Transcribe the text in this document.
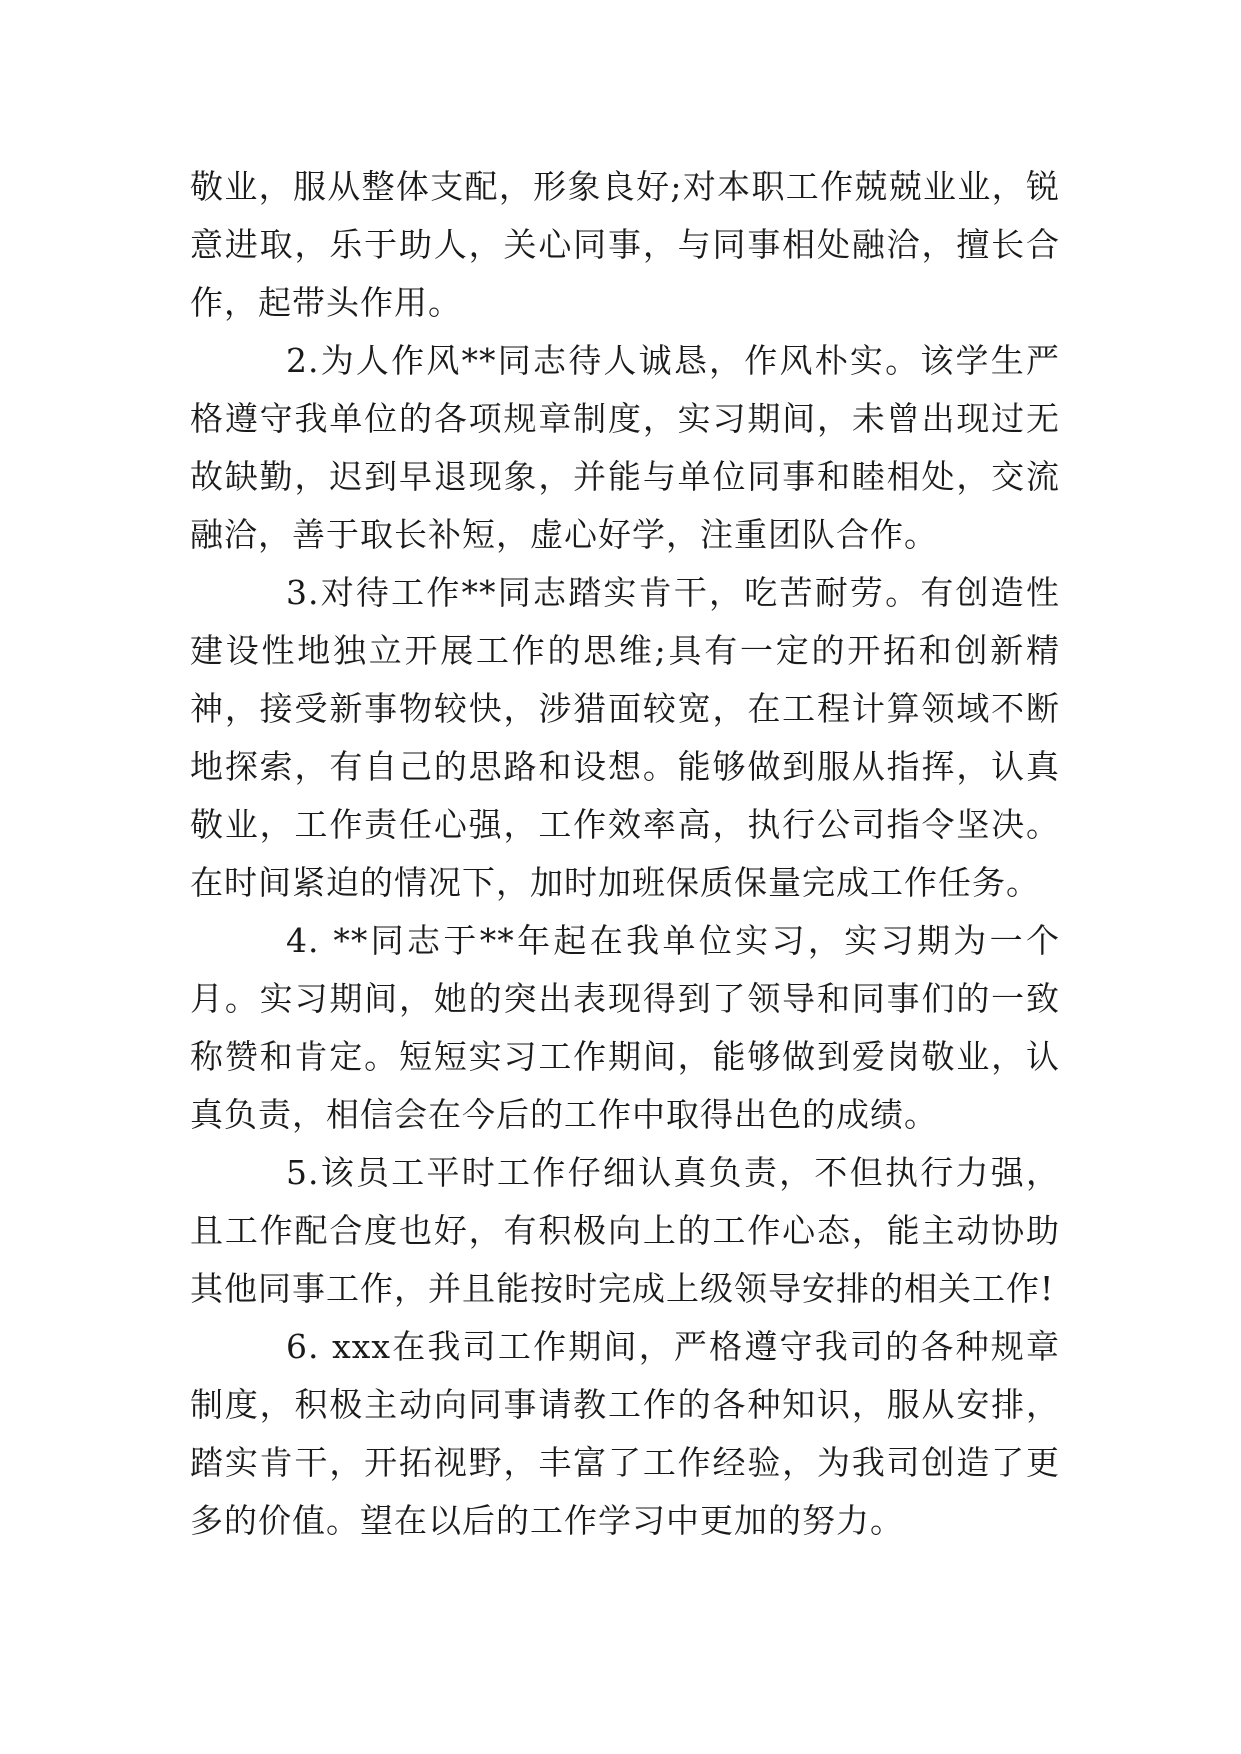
敬业，服从整体支配，形象良好;对本职工作兢兢业业，锐意进取，乐于助人，关心同事，与同事相处融洽，擅长合作，起带头作用。

2.为人作风**同志待人诚恳，作风朴实。该学生严格遵守我单位的各项规章制度，实习期间，未曾出现过无故缺勤，迟到早退现象，并能与单位同事和睦相处，交流融洽，善于取长补短，虚心好学，注重团队合作。

3.对待工作**同志踏实肯干，吃苦耐劳。有创造性建设性地独立开展工作的思维;具有一定的开拓和创新精神，接受新事物较快，涉猎面较宽，在工程计算领域不断地探索，有自己的思路和设想。能够做到服从指挥，认真敬业，工作责任心强，工作效率高，执行公司指令坚决。在时间紧迫的情况下，加时加班保质保量完成工作任务。

4. **同志于**年起在我单位实习，实习期为一个月。实习期间，她的突出表现得到了领导和同事们的一致称赞和肯定。短短实习工作期间，能够做到爱岗敬业，认真负责，相信会在今后的工作中取得出色的成绩。

5.该员工平时工作仔细认真负责，不但执行力强，且工作配合度也好，有积极向上的工作心态，能主动协助其他同事工作，并且能按时完成上级领导安排的相关工作!

6. xxx在我司工作期间，严格遵守我司的各种规章制度，积极主动向同事请教工作的各种知识，服从安排，踏实肯干，开拓视野，丰富了工作经验，为我司创造了更多的价值。望在以后的工作学习中更加的努力。
